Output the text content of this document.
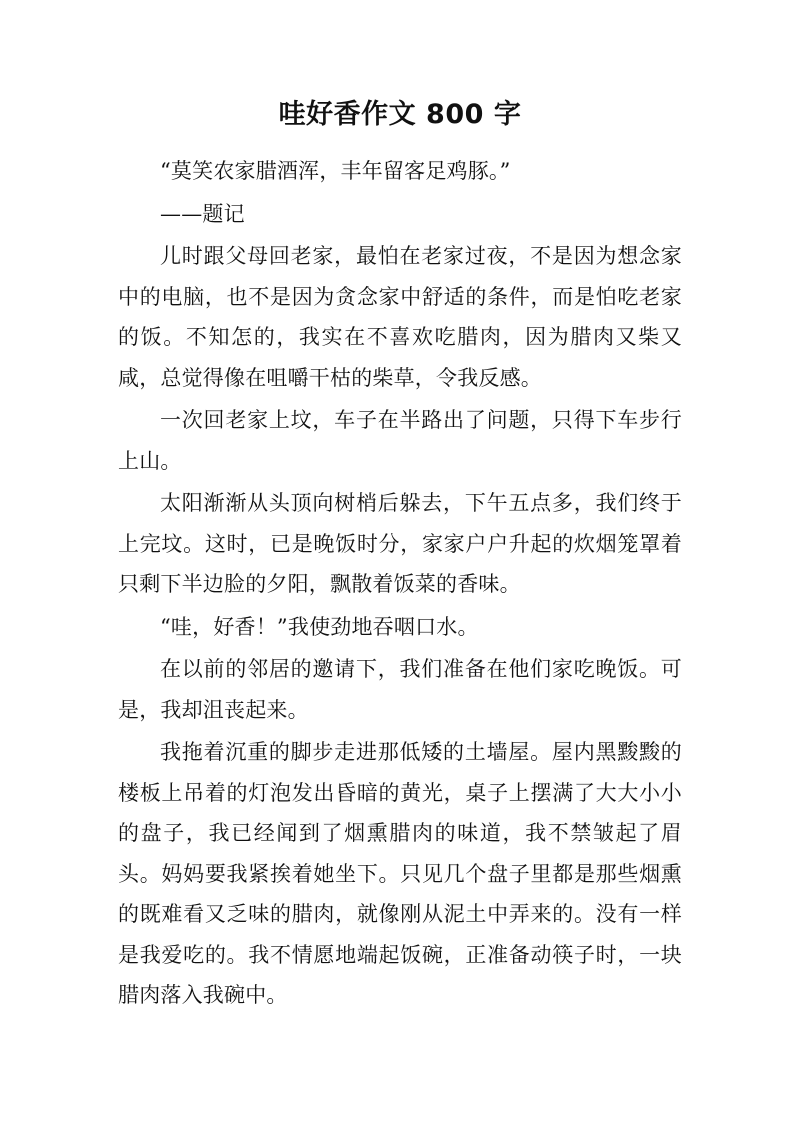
哇好香作文 800 字

“莫笑农家腊酒浑，丰年留客足鸡豚。”

——题记

儿时跟父母回老家，最怕在老家过夜，不是因为想念家中的电脑，也不是因为贪念家中舒适的条件，而是怕吃老家的饭。不知怎的，我实在不喜欢吃腊肉，因为腊肉又柴又咸，总觉得像在咀嚼干枯的柴草，令我反感。

一次回老家上坟，车子在半路出了问题，只得下车步行上山。

太阳渐渐从头顶向树梢后躲去，下午五点多，我们终于上完坟。这时，已是晚饭时分，家家户户升起的炊烟笼罩着只剩下半边脸的夕阳，飘散着饭菜的香味。

“哇，好香！”我使劲地吞咽口水。

在以前的邻居的邀请下，我们准备在他们家吃晚饭。可是，我却沮丧起来。

我拖着沉重的脚步走进那低矮的土墙屋。屋内黑黢黢的楼板上吊着的灯泡发出昏暗的黄光，桌子上摆满了大大小小的盘子，我已经闻到了烟熏腊肉的味道，我不禁皱起了眉头。妈妈要我紧挨着她坐下。只见几个盘子里都是那些烟熏的既难看又乏味的腊肉，就像刚从泥土中弄来的。没有一样是我爱吃的。我不情愿地端起饭碗，正准备动筷子时，一块腊肉落入我碗中。
